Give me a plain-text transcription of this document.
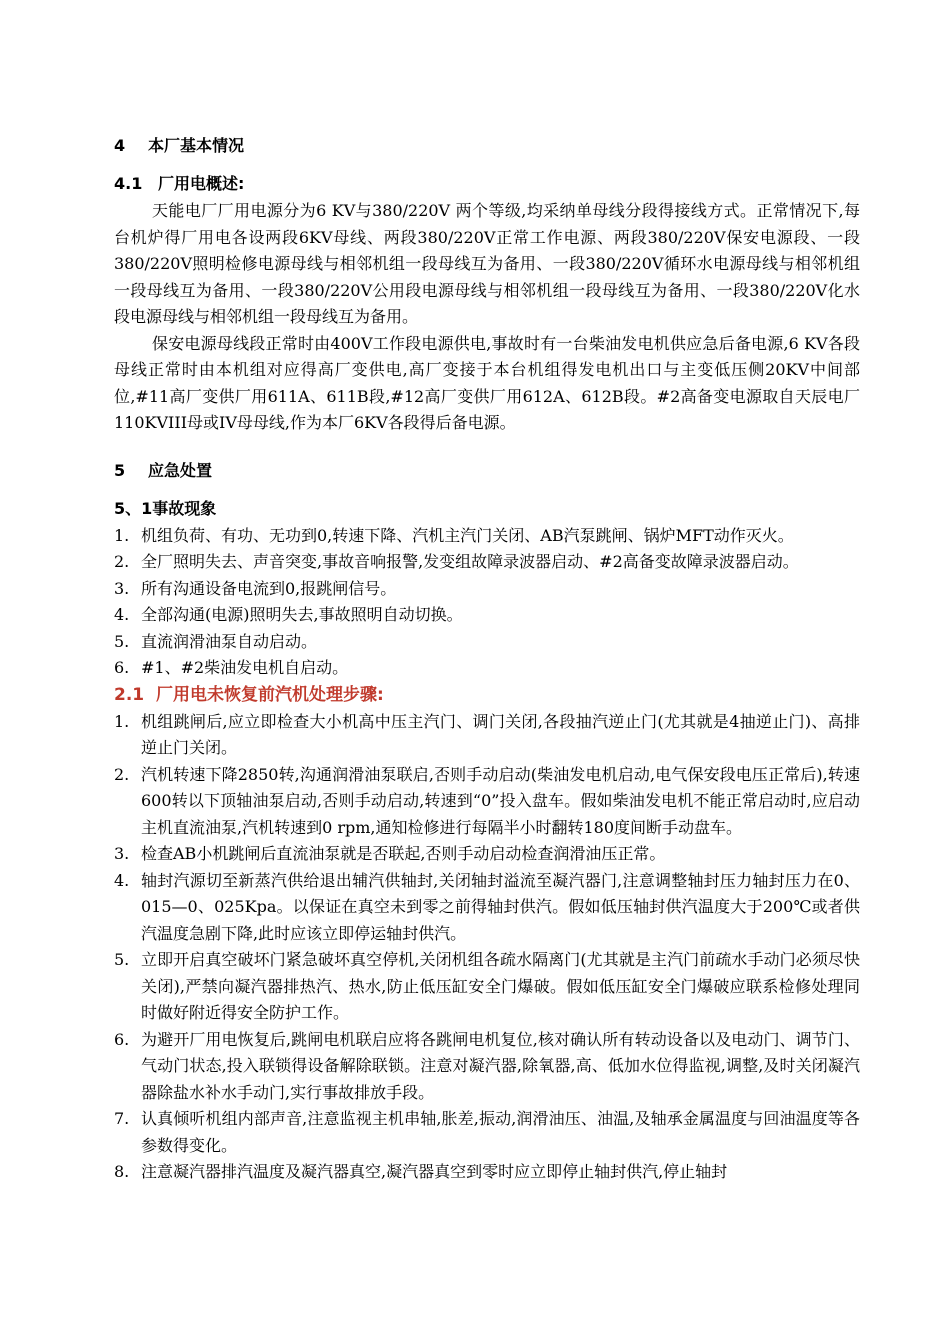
4 本厂基本情况
4.1 厂用电概述:

天能电厂厂用电源分为6 KV与380/220V 两个等级,均采纳单母线分段得接线方式。正常情况下,每台机炉得厂用电各设两段6KV母线、两段380/220V正常工作电源、两段380/220V保安电源段、一段380/220V照明检修电源母线与相邻机组一段母线互为备用、一段380/220V循环水电源母线与相邻机组一段母线互为备用、一段380/220V公用段电源母线与相邻机组一段母线互为备用、一段380/220V化水段电源母线与相邻机组一段母线互为备用。

保安电源母线段正常时由400V工作段电源供电,事故时有一台柴油发电机供应急后备电源,6 KV各段母线正常时由本机组对应得高厂变供电,高厂变接于本台机组得发电机出口与主变低压侧20KV中间部位,#11高厂变供厂用611A、611B段,#12高厂变供厂用612A、612B段。#2高备变电源取自天辰电厂110KVIII母或IV母母线,作为本厂6KV各段得后备电源。

5 应急处置
5、1事故现象
1. 机组负荷、有功、无功到0,转速下降、汽机主汽门关闭、AB汽泵跳闸、锅炉MFT动作灭火。
2. 全厂照明失去、声音突变,事故音响报警,发变组故障录波器启动、#2高备变故障录波器启动。
3. 所有沟通设备电流到0,报跳闸信号。
4. 全部沟通(电源)照明失去,事故照明自动切换。
5. 直流润滑油泵自动启动。
6. #1、#2柴油发电机自启动。
2.1 厂用电未恢复前汽机处理步骤:
1. 机组跳闸后,应立即检查大小机高中压主汽门、调门关闭,各段抽汽逆止门(尤其就是4抽逆止门)、高排逆止门关闭。
2. 汽机转速下降2850转,沟通润滑油泵联启,否则手动启动(柴油发电机启动,电气保安段电压正常后),转速600转以下顶轴油泵启动,否则手动启动,转速到“0”投入盘车。假如柴油发电机不能正常启动时,应启动主机直流油泵,汽机转速到0 rpm,通知检修进行每隔半小时翻转180度间断手动盘车。
3. 检查AB小机跳闸后直流油泵就是否联起,否则手动启动检查润滑油压正常。
4. 轴封汽源切至新蒸汽供给退出辅汽供轴封,关闭轴封溢流至凝汽器门,注意调整轴封压力轴封压力在0、015—0、025Kpa。以保证在真空未到零之前得轴封供汽。假如低压轴封供汽温度大于200℃或者供汽温度急剧下降,此时应该立即停运轴封供汽。
5. 立即开启真空破坏门紧急破坏真空停机,关闭机组各疏水隔离门(尤其就是主汽门前疏水手动门必须尽快关闭),严禁向凝汽器排热汽、热水,防止低压缸安全门爆破。假如低压缸安全门爆破应联系检修处理同时做好附近得安全防护工作。
6. 为避开厂用电恢复后,跳闸电机联启应将各跳闸电机复位,核对确认所有转动设备以及电动门、调节门、气动门状态,投入联锁得设备解除联锁。注意对凝汽器,除氧器,高、低加水位得监视,调整,及时关闭凝汽器除盐水补水手动门,实行事故排放手段。
7. 认真倾听机组内部声音,注意监视主机串轴,胀差,振动,润滑油压、油温,及轴承金属温度与回油温度等各参数得变化。
8. 注意凝汽器排汽温度及凝汽器真空,凝汽器真空到零时应立即停止轴封供汽,停止轴封
